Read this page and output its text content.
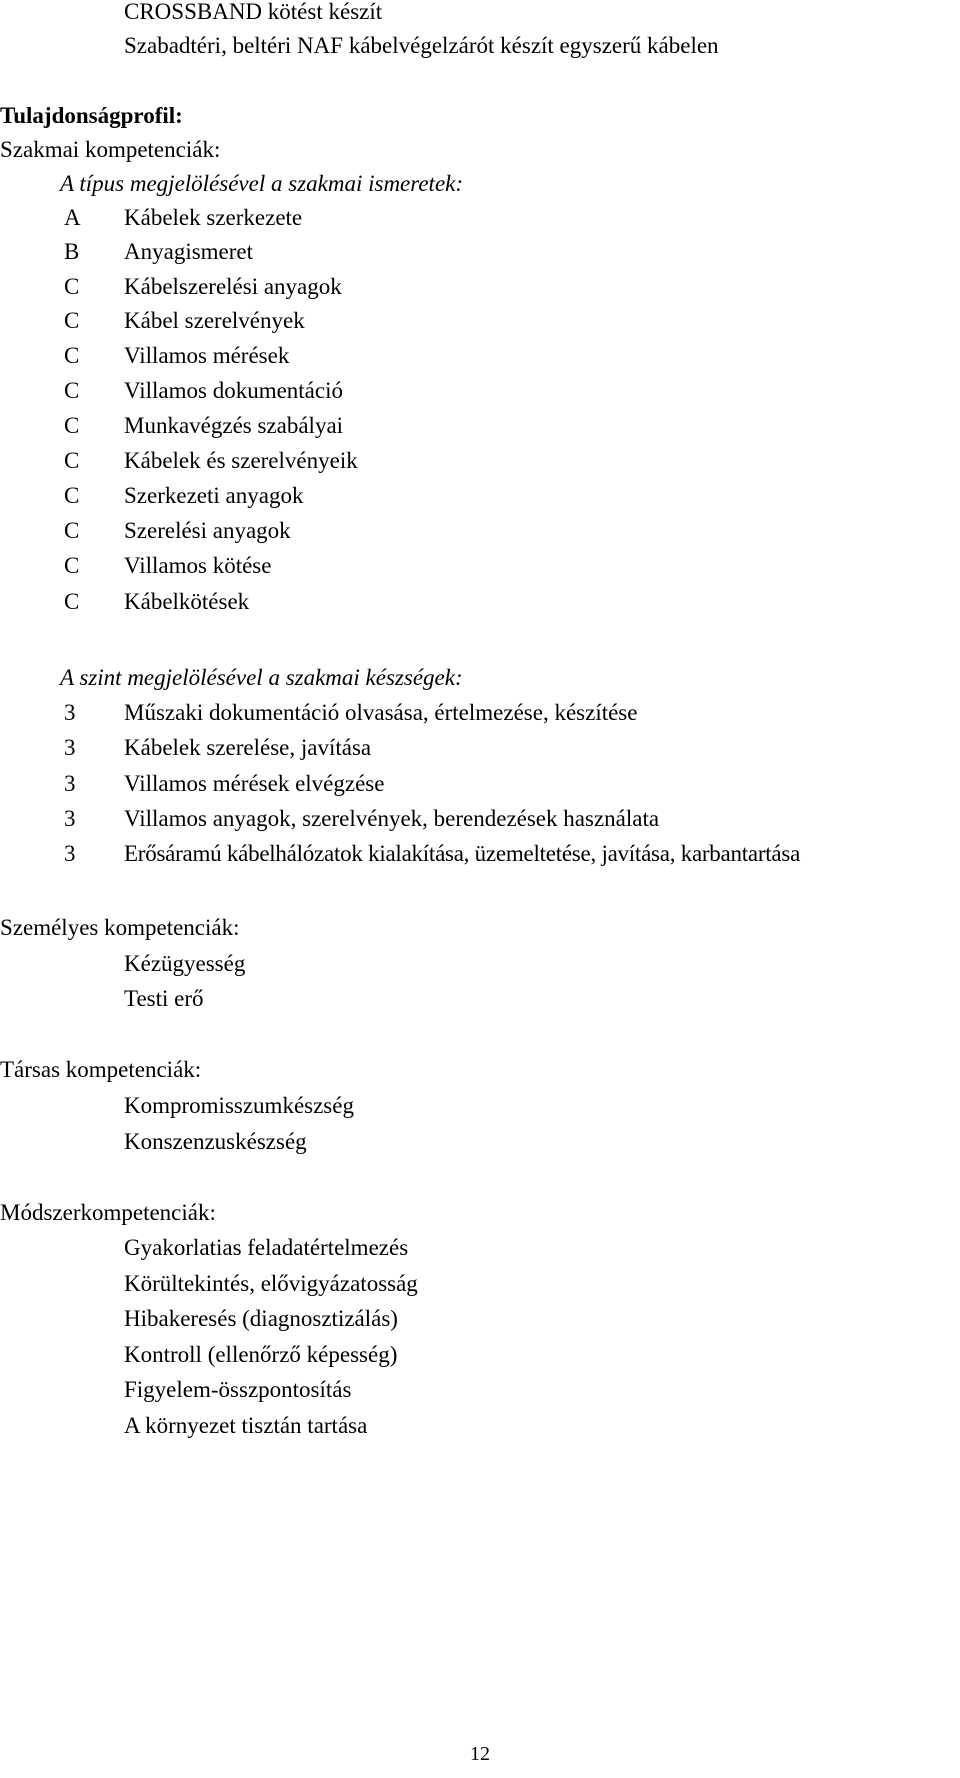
CROSSBAND kötést készít
Szabadtéri, beltéri NAF kábelvégelzárót készít egyszerű kábelen
Tulajdonságprofil:
Szakmai kompetenciák:
A típus megjelölésével a szakmai ismeretek:
A	Kábelek szerkezete
B	Anyagismeret
C	Kábelszerelési anyagok
C	Kábel szerelvények
C	Villamos mérések
C	Villamos dokumentáció
C	Munkavégzés szabályai
C	Kábelek és szerelvényeik
C	Szerkezeti anyagok
C	Szerelési anyagok
C	Villamos kötése
C	Kábelkötések
A szint megjelölésével a szakmai készségek:
3	Műszaki dokumentáció olvasása, értelmezése, készítése
3	Kábelek szerelése, javítása
3	Villamos mérések elvégzése
3	Villamos anyagok, szerelvények, berendezések használata
3	Erősáramú kábelhálózatok kialakítása, üzemeltetése, javítása, karbantartása
Személyes kompetenciák:
Kézügyesség
Testi erő
Társas kompetenciák:
Kompromisszumkészség
Konszenzuskészség
Módszerkompetenciák:
Gyakorlatias feladatértelmezés
Körültekintés, elővigyázatosság
Hibakeresés (diagnosztizálás)
Kontroll (ellenőrző képesség)
Figyelem-összpontosítás
A környezet tisztán tartása
12
